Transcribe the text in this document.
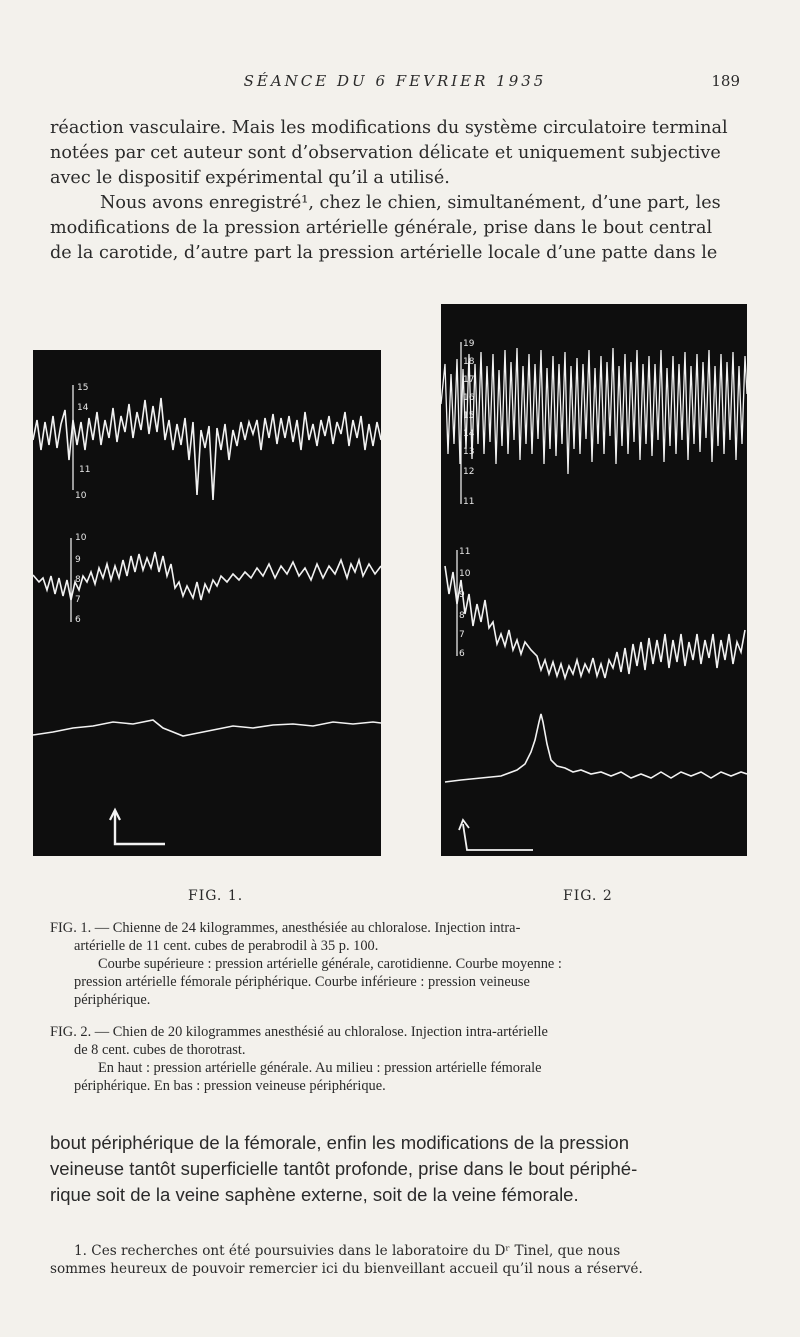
SÉANCE DU 6 FEVRIER 1935	189
réaction vasculaire. Mais les modifications du système circulatoire terminal
notées par cet auteur sont d’observation délicate et uniquement subjective
avec le dispositif expérimental qu’il a utilisé.
Nous avons enregistré¹, chez le chien, simultanément, d’une part, les
modifications de la pression artérielle générale, prise dans le bout central
de la carotide, d’autre part la pression artérielle locale d’une patte dans le
15
14
11
10
10
9
8
7
6
19
18
17
16
15
14
13
12
11
11
10
9
8
7
6
FIG. 1.	FIG. 2
FIG. 1. — Chienne de 24 kilogrammes, anesthésiée au chloralose. Injection intra-
artérielle de 11 cent. cubes de perabrodil à 35 p. 100.
Courbe supérieure : pression artérielle générale, carotidienne. Courbe moyenne :
pression artérielle fémorale périphérique. Courbe inférieure : pression veineuse
périphérique.
FIG. 2. — Chien de 20 kilogrammes anesthésié au chloralose. Injection intra-artérielle
de 8 cent. cubes de thorotrast.
En haut : pression artérielle générale. Au milieu : pression artérielle fémorale
périphérique. En bas : pression veineuse périphérique.
bout périphérique de la fémorale, enfin les modifications de la pression
veineuse tantôt superficielle tantôt profonde, prise dans le bout périphé-
rique soit de la veine saphène externe, soit de la veine fémorale.
1. Ces recherches ont été poursuivies dans le laboratoire du Dʳ Tinel, que nous
sommes heureux de pouvoir remercier ici du bienveillant accueil qu’il nous a réservé.
